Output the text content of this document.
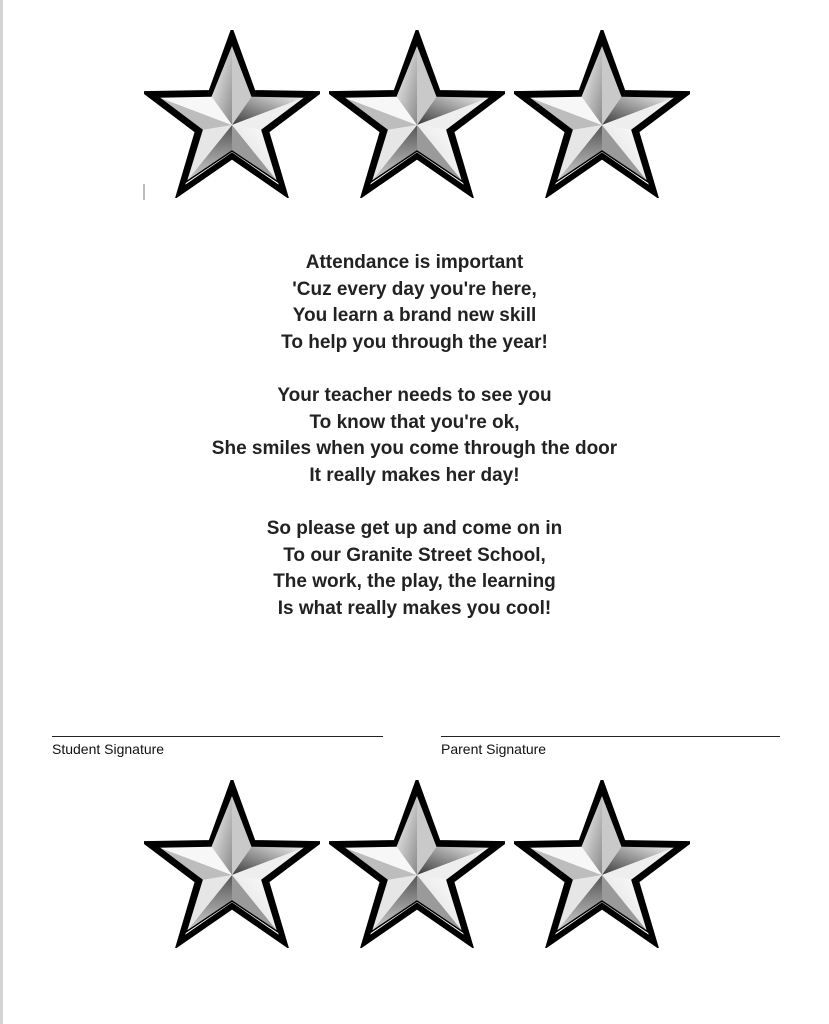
Attendance is important
'Cuz every day you're here,
You learn a brand new skill
To help you through the year!
Your teacher needs to see you
To know that you're ok,
She smiles when you come through the door
It really makes her day!
So please get up and come on in
To our Granite Street School,
The work, the play, the learning
Is what really makes you cool!
Student Signature	Parent Signature
